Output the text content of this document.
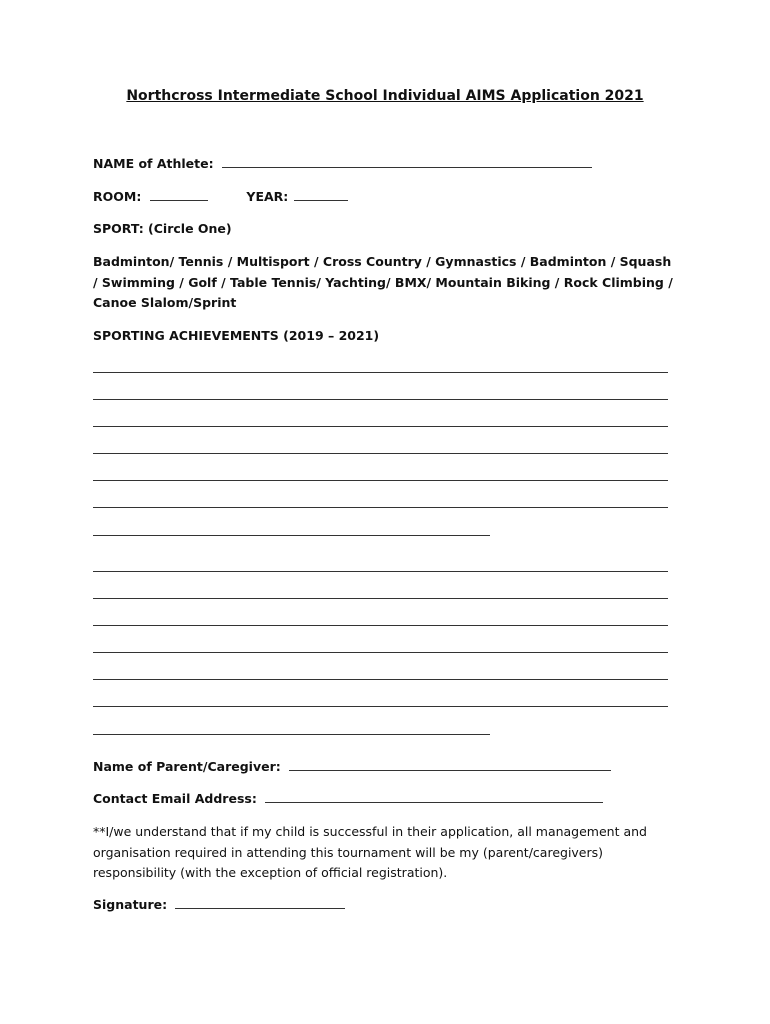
Northcross Intermediate School Individual AIMS Application 2021
NAME of Athlete:
ROOM:	YEAR:
SPORT: (Circle One)
Badminton/ Tennis / Multisport / Cross Country / Gymnastics / Badminton / Squash / Swimming / Golf / Table Tennis/ Yachting/ BMX/ Mountain Biking / Rock Climbing / Canoe Slalom/Sprint
SPORTING ACHIEVEMENTS (2019 – 2021)
Name of Parent/Caregiver:
Contact Email Address:
**I/we understand that if my child is successful in their application, all management and organisation required in attending this tournament will be my (parent/caregivers) responsibility (with the exception of official registration).
Signature:
